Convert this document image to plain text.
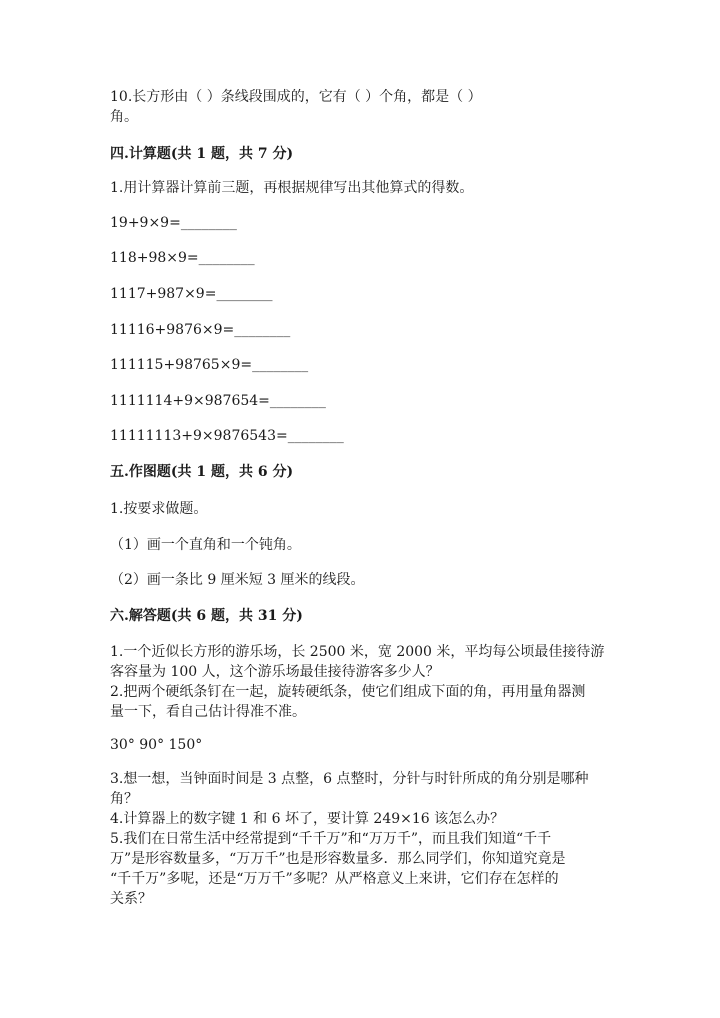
10.长方形由（ ）条线段围成的，它有（ ）个角，都是（ ）
角。
四.计算题(共 1 题，共 7 分)
1.用计算器计算前三题，再根据规律写出其他算式的得数。
19+9×9=________
118+98×9=________
1117+987×9=________
11116+9876×9=________
111115+98765×9=________
1111114+9×987654=________
11111113+9×9876543=________
五.作图题(共 1 题，共 6 分)
1.按要求做题。
（1）画一个直角和一个钝角。
（2）画一条比 9 厘米短 3 厘米的线段。
六.解答题(共 6 题，共 31 分)
1.一个近似长方形的游乐场，长 2500 米，宽 2000 米，平均每公顷最佳接待游
客容量为 100 人，这个游乐场最佳接待游客多少人？
2.把两个硬纸条钉在一起，旋转硬纸条，使它们组成下面的角，再用量角器测
量一下，看自己估计得准不准。
30° 90° 150°
3.想一想，当钟面时间是 3 点整，6 点整时，分针与时针所成的角分别是哪种
角？
4.计算器上的数字键 1 和 6 坏了，要计算 249×16 该怎么办？
5.我们在日常生活中经常提到“千千万”和“万万千”，而且我们知道“千千
万”是形容数量多，“万万千”也是形容数量多．那么同学们，你知道究竟是
“千千万”多呢，还是“万万千”多呢？从严格意义上来讲，它们存在怎样的
关系？
